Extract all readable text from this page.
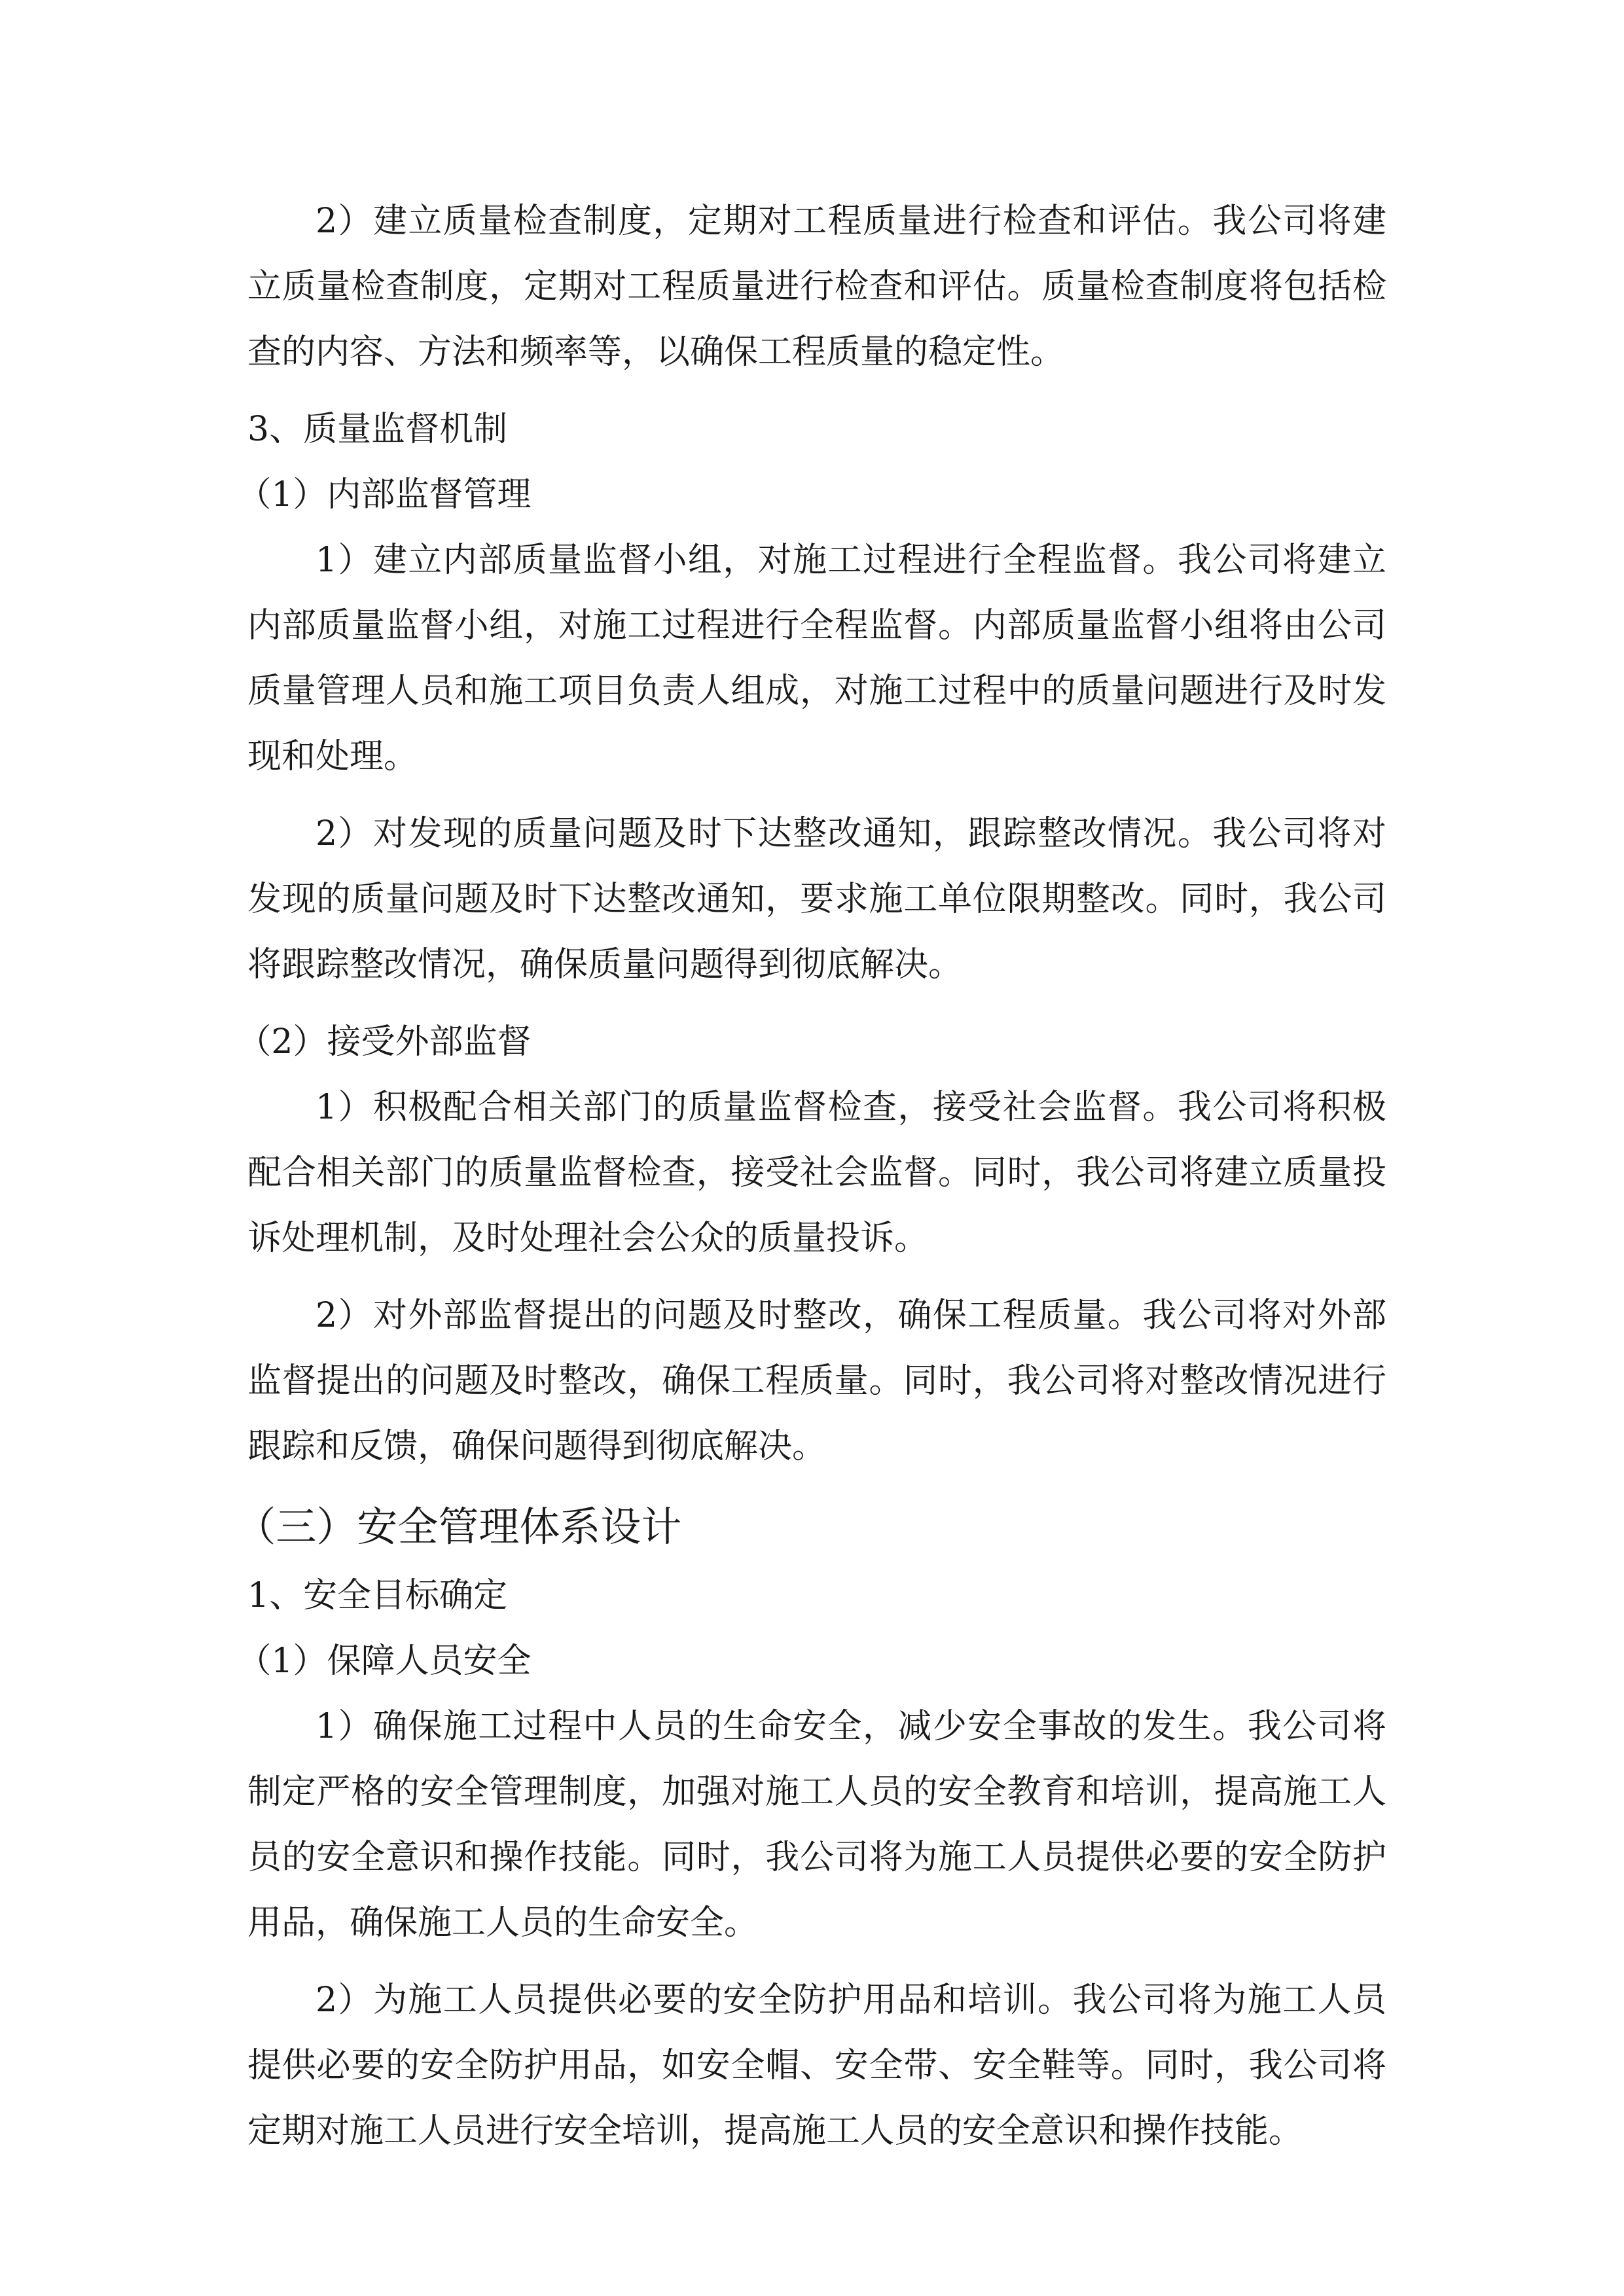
2）建立质量检查制度，定期对工程质量进行检查和评估。我公司将建立质量检查制度，定期对工程质量进行检查和评估。质量检查制度将包括检查的内容、方法和频率等，以确保工程质量的稳定性。

3、质量监督机制

（1）内部监督管理

1）建立内部质量监督小组，对施工过程进行全程监督。我公司将建立内部质量监督小组，对施工过程进行全程监督。内部质量监督小组将由公司质量管理人员和施工项目负责人组成，对施工过程中的质量问题进行及时发现和处理。

2）对发现的质量问题及时下达整改通知，跟踪整改情况。我公司将对发现的质量问题及时下达整改通知，要求施工单位限期整改。同时，我公司将跟踪整改情况，确保质量问题得到彻底解决。

（2）接受外部监督

1）积极配合相关部门的质量监督检查，接受社会监督。我公司将积极配合相关部门的质量监督检查，接受社会监督。同时，我公司将建立质量投诉处理机制，及时处理社会公众的质量投诉。

2）对外部监督提出的问题及时整改，确保工程质量。我公司将对外部监督提出的问题及时整改，确保工程质量。同时，我公司将对整改情况进行跟踪和反馈，确保问题得到彻底解决。

（三）安全管理体系设计

1、安全目标确定

（1）保障人员安全

1）确保施工过程中人员的生命安全，减少安全事故的发生。我公司将制定严格的安全管理制度，加强对施工人员的安全教育和培训，提高施工人员的安全意识和操作技能。同时，我公司将为施工人员提供必要的安全防护用品，确保施工人员的生命安全。

2）为施工人员提供必要的安全防护用品和培训。我公司将为施工人员提供必要的安全防护用品，如安全帽、安全带、安全鞋等。同时，我公司将定期对施工人员进行安全培训，提高施工人员的安全意识和操作技能。
